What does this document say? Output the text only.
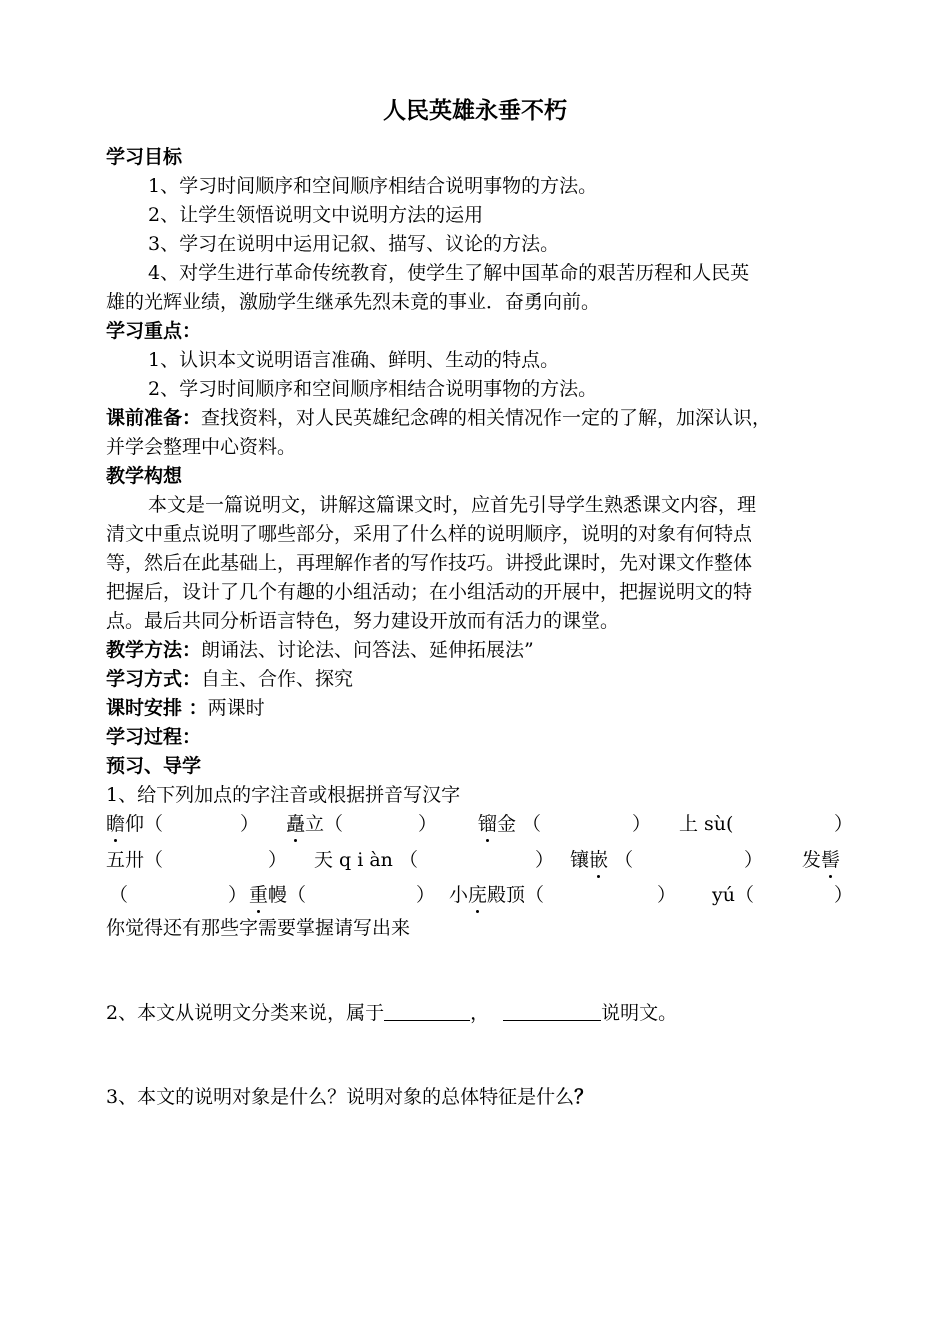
人民英雄永垂不朽
学习目标
1、学习时间顺序和空间顺序相结合说明事物的方法。
2、让学生领悟说明文中说明方法的运用
3、学习在说明中运用记叙、描写、议论的方法。
4、对学生进行革命传统教育，使学生了解中国革命的艰苦历程和人民英
雄的光辉业绩，激励学生继承先烈未竟的事业．奋勇向前。
学习重点：
1、认识本文说明语言准确、鲜明、生动的特点。
2、学习时间顺序和空间顺序相结合说明事物的方法。
课前准备：查找资料，对人民英雄纪念碑的相关情况作一定的了解，加深认识，
并学会整理中心资料。
教学构想
本文是一篇说明文，讲解这篇课文时，应首先引导学生熟悉课文内容，理
清文中重点说明了哪些部分，采用了什么样的说明顺序，说明的对象有何特点
等，然后在此基础上，再理解作者的写作技巧。讲授此课时，先对课文作整体
把握后，设计了几个有趣的小组活动；在小组活动的开展中，把握说明文的特
点。最后共同分析语言特色，努力建设开放而有活力的课堂。
教学方法：朗诵法、讨论法、问答法、延伸拓展法”
学习方式：自主、合作、探究
课时安排 ：两课时
学习过程：
预习、导学
1、给下列加点的字注音或根据拼音写汉字
瞻仰（	） 矗立（	） 镏金 （	） 上 sù(	）
五卅（	） 天 q i àn （	） 镶嵌 （	） 发髻
（	） 重幔（	） 小庑殿顶（	） yú（	）
你觉得还有那些字需要掌握请写出来
2、本文从说明文分类来说，属于	，	说明文。
3、本文的说明对象是什么？说明对象的总体特征是什么？
